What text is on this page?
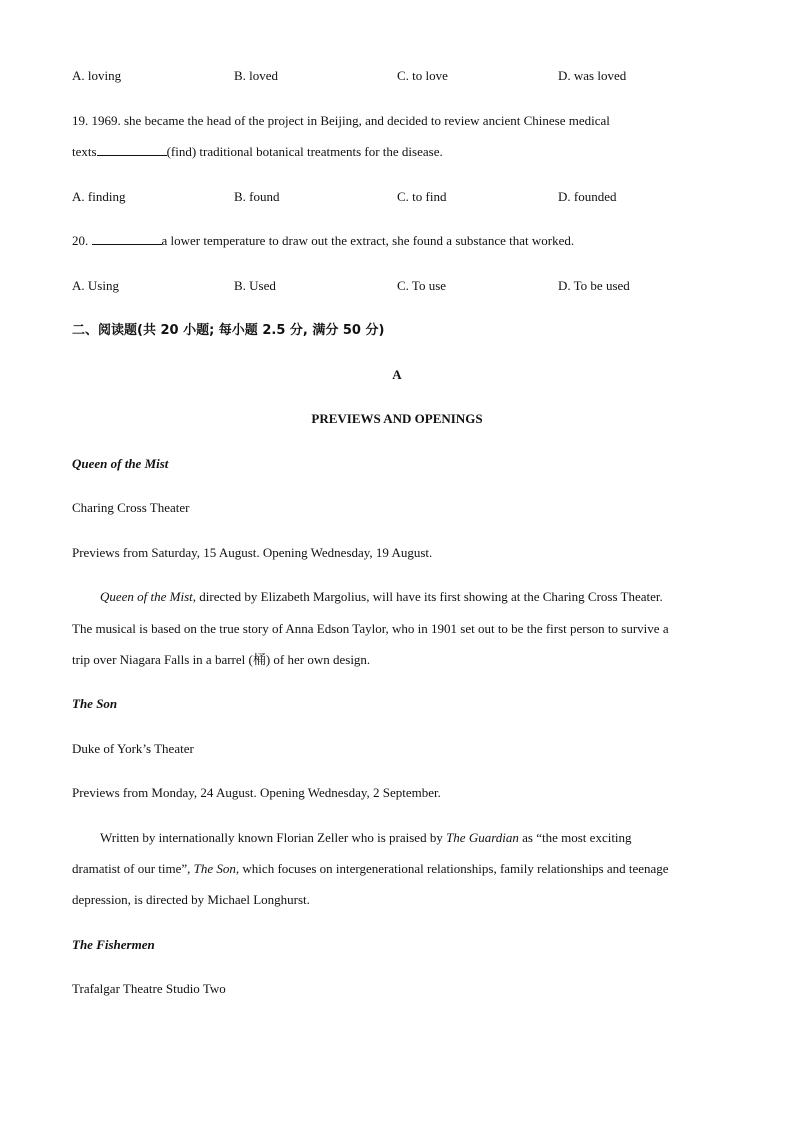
A. loving	B. loved	C. to love	D. was loved
19. 1969. she became the head of the project in Beijing, and decided to review ancient Chinese medical
texts	(find) traditional botanical treatments for the disease.
A. finding	B. found	C. to find	D. founded
20.	a lower temperature to draw out the extract, she found a substance that worked.
A. Using	B. Used	C. To use	D. To be used
二、阅读题(共 20 小题; 每小题 2.5 分, 满分 50 分)
A
PREVIEWS AND OPENINGS
Queen of the Mist
Charing Cross Theater
Previews from Saturday, 15 August. Opening Wednesday, 19 August.
Queen of the Mist, directed by Elizabeth Margolius, will have its first showing at the Charing Cross Theater.
The musical is based on the true story of Anna Edson Taylor, who in 1901 set out to be the first person to survive a
trip over Niagara Falls in a barrel (桶) of her own design.
The Son
Duke of York’s Theater
Previews from Monday, 24 August. Opening Wednesday, 2 September.
Written by internationally known Florian Zeller who is praised by The Guardian as “the most exciting
dramatist of our time”, The Son, which focuses on intergenerational relationships, family relationships and teenage
depression, is directed by Michael Longhurst.
The Fishermen
Trafalgar Theatre Studio Two
